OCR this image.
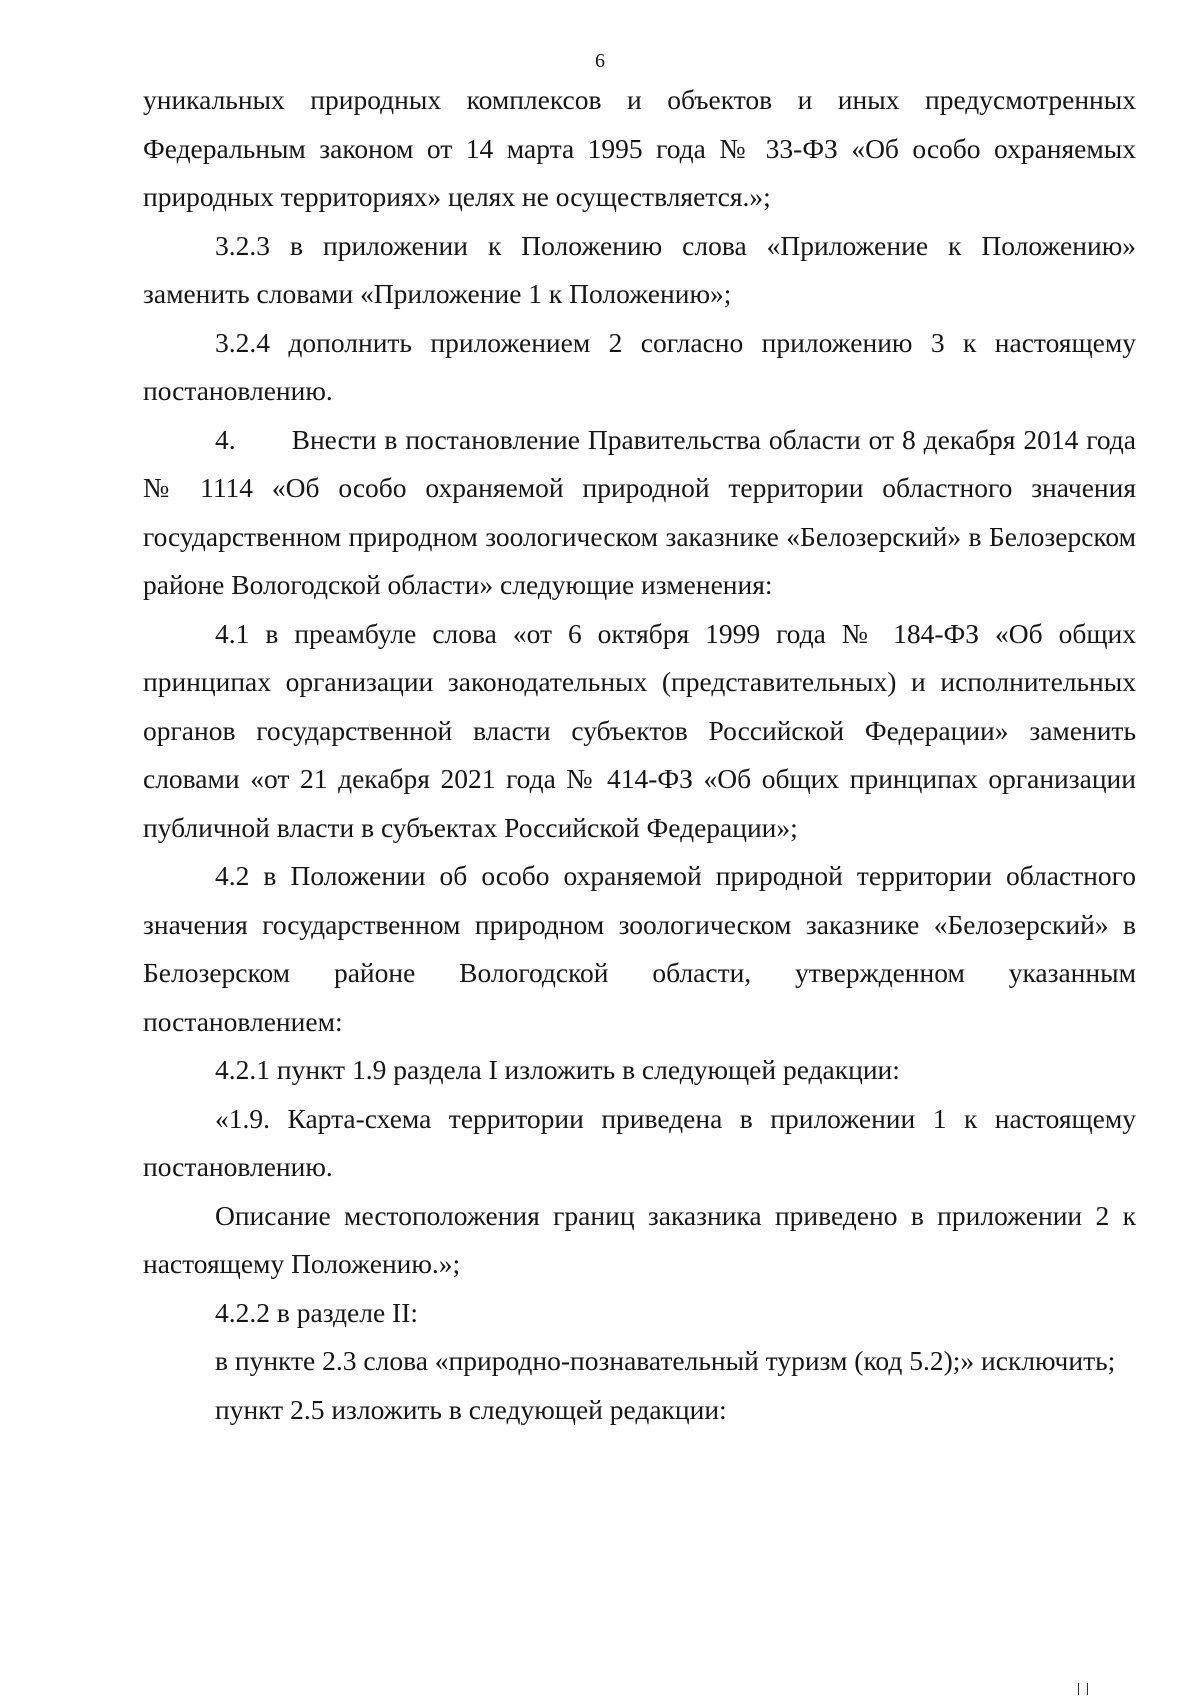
6

уникальных природных комплексов и объектов и иных предусмотренных Федеральным законом от 14 марта 1995 года № 33-ФЗ «Об особо охраняемых природных территориях» целях не осуществляется.»;

3.2.3 в приложении к Положению слова «Приложение к Положению» заменить словами «Приложение 1 к Положению»;

3.2.4 дополнить приложением 2 согласно приложению 3 к настоящему постановлению.

4. Внести в постановление Правительства области от 8 декабря 2014 года № 1114 «Об особо охраняемой природной территории областного значения государственном природном зоологическом заказнике «Белозерский» в Белозерском районе Вологодской области» следующие изменения:

4.1 в преамбуле слова «от 6 октября 1999 года № 184-ФЗ «Об общих принципах организации законодательных (представительных) и исполнительных органов государственной власти субъектов Российской Федерации» заменить словами «от 21 декабря 2021 года № 414-ФЗ «Об общих принципах организации публичной власти в субъектах Российской Федерации»;

4.2 в Положении об особо охраняемой природной территории областного значения государственном природном зоологическом заказнике «Белозерский» в Белозерском районе Вологодской области, утвержденном указанным постановлением:

4.2.1 пункт 1.9 раздела I изложить в следующей редакции:

«1.9. Карта-схема территории приведена в приложении 1 к настоящему постановлению.

Описание местоположения границ заказника приведено в приложении 2 к настоящему Положению.»;

4.2.2 в разделе II:

в пункте 2.3 слова «природно-познавательный туризм (код 5.2);» исключить;

пункт 2.5 изложить в следующей редакции:
